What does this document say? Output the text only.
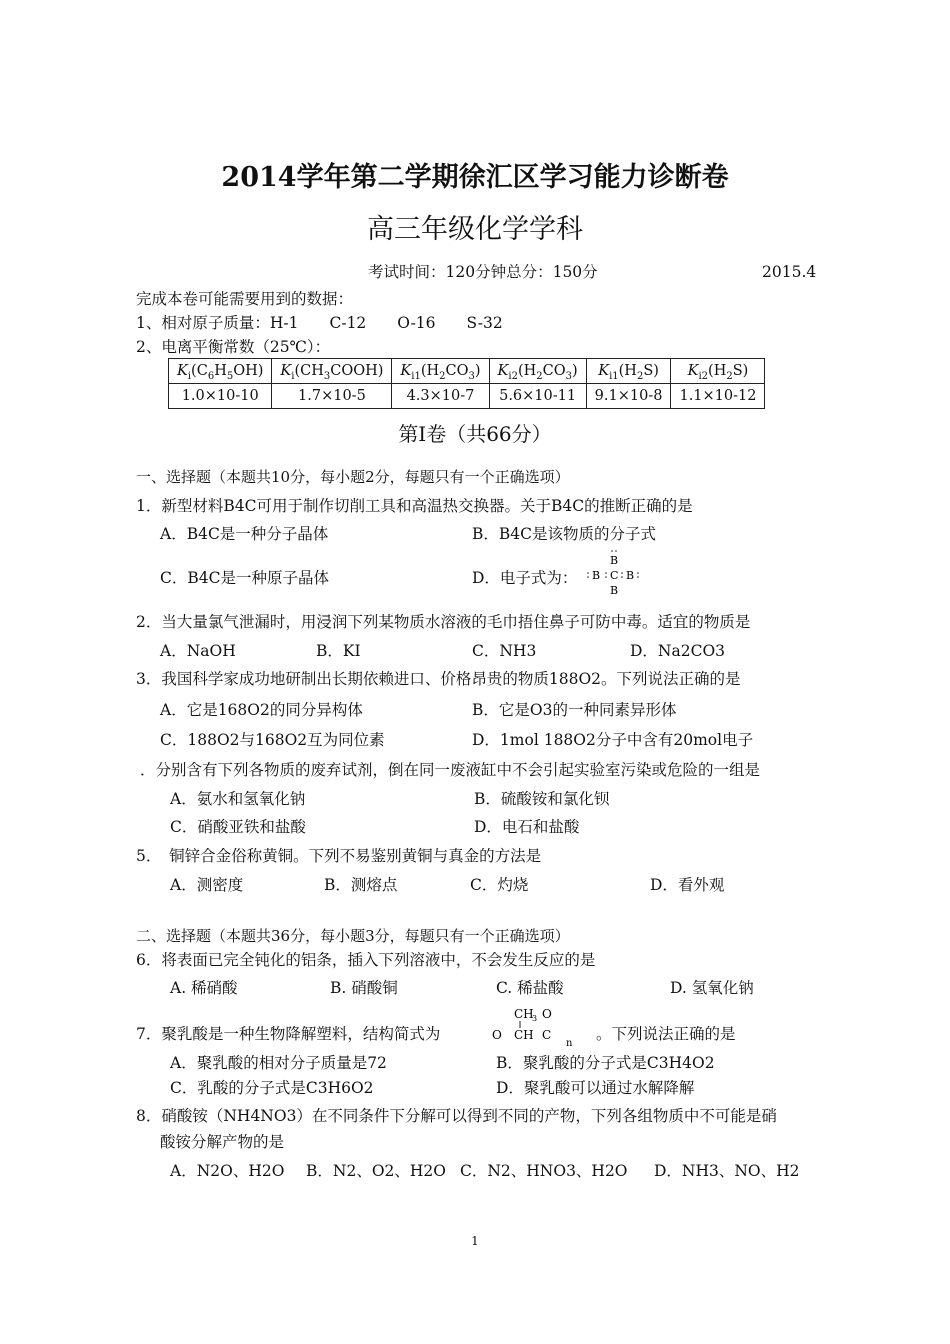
2014学年第二学期徐汇区学习能力诊断卷
高三年级化学学科
考试时间：120分钟总分：150分	2015.4
完成本卷可能需要用到的数据：
1、相对原子质量：H-1　　C-12　　O-16　　S-32
2、电离平衡常数（25℃）：
$K_i(C_6H_5OH)$	$K_i(CH_3COOH)$	$K_{i1}(H_2CO_3)$	$K_{i2}(H_2CO_3)$	$K_{i1}(H_2S)$	$K_{i2}(H_2S)$
1.0×10-10	1.7×10-5	4.3×10-7	5.6×10-11	9.1×10-8	1.1×10-12
第Ⅰ卷（共66分）
一、选择题（本题共10分，每小题2分，每题只有一个正确选项）
1．新型材料B4C可用于制作切削工具和高温热交换器。关于B4C的推断正确的是
A．B4C是一种分子晶体	B．B4C是该物质的分子式
C．B4C是一种原子晶体	D．电子式为：
B
B C B
B
2．当大量氯气泄漏时，用浸润下列某物质水溶液的毛巾捂住鼻子可防中毒。适宜的物质是
A．NaOH	B．KI	C．NH3	D．Na2CO3
3．我国科学家成功地研制出长期依赖进口、价格昂贵的物质188O2。下列说法正确的是
A．它是168O2的同分异构体	B．它是O3的一种同素异形体
C．188O2与168O2互为同位素	D．1mol 188O2分子中含有20mol电子
．分别含有下列各物质的废弃试剂，倒在同一废液缸中不会引起实验室污染或危险的一组是
A．氨水和氢氧化钠	B．硫酸铵和氯化钡
C．硝酸亚铁和盐酸	D．电石和盐酸
5．　铜锌合金俗称黄铜。下列不易鉴别黄铜与真金的方法是
A．测密度	B．测熔点	C．灼烧	D．看外观
二、选择题（本题共36分，每小题3分，每题只有一个正确选项）
6．将表面已完全钝化的铝条，插入下列溶液中，不会发生反应的是
A. 稀硝酸	B. 硝酸铜	C. 稀盐酸	D. 氢氧化钠
7．聚乳酸是一种生物降解塑料，结构简式为
CH
3 O
O CH C
n
。下列说法正确的是
A．聚乳酸的相对分子质量是72	B．聚乳酸的分子式是C3H4O2
C．乳酸的分子式是C3H6O2	D．聚乳酸可以通过水解降解
8．硝酸铵（NH4NO3）在不同条件下分解可以得到不同的产物，下列各组物质中不可能是硝
酸铵分解产物的是
A．N2O、H2O B．N2、O2、H2O C．N2、HNO3、H2O D．NH3、NO、H2
1
